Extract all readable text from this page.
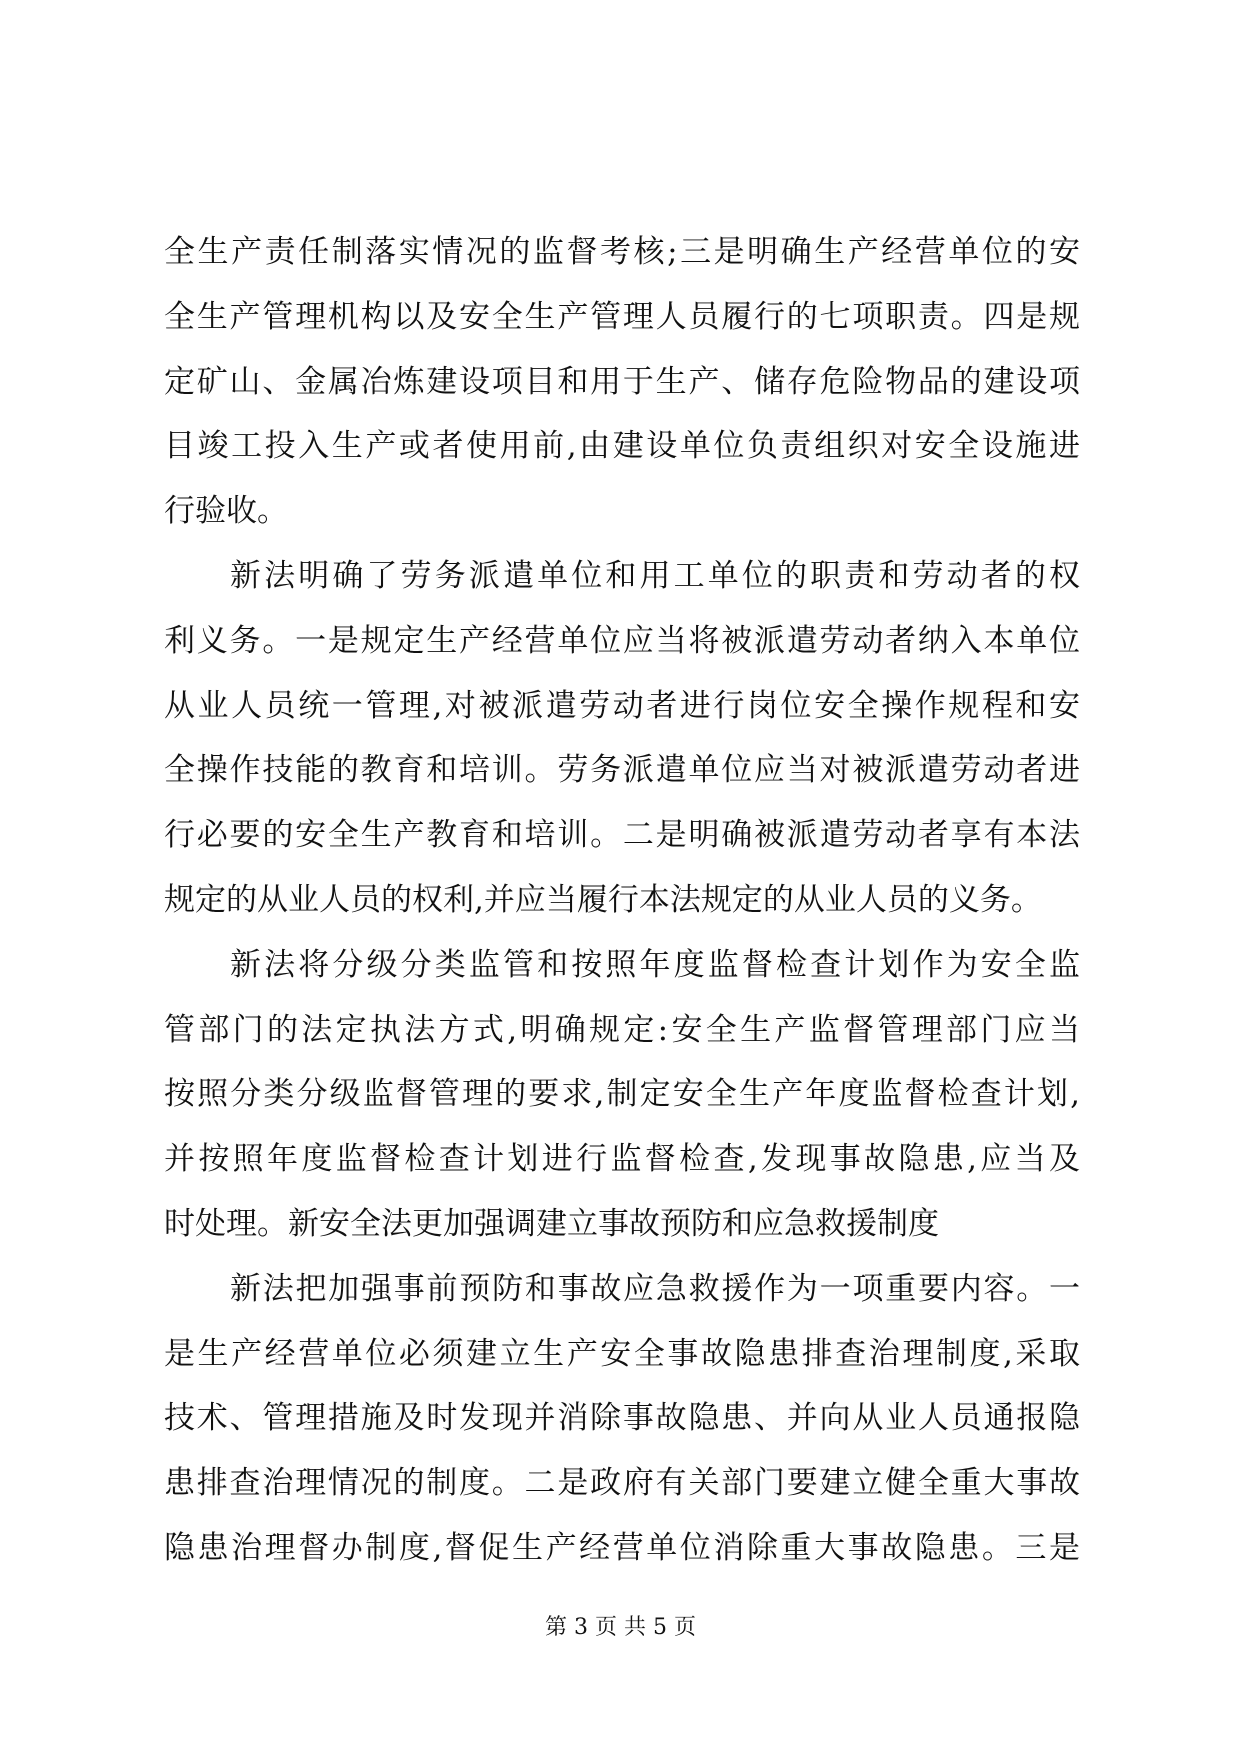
全生产责任制落实情况的监督考核;三是明确生产经营单位的安
全生产管理机构以及安全生产管理人员履行的七项职责。四是规
定矿山、金属冶炼建设项目和用于生产、储存危险物品的建设项
目竣工投入生产或者使用前,由建设单位负责组织对安全设施进
行验收。
新法明确了劳务派遣单位和用工单位的职责和劳动者的权
利义务。一是规定生产经营单位应当将被派遣劳动者纳入本单位
从业人员统一管理,对被派遣劳动者进行岗位安全操作规程和安
全操作技能的教育和培训。劳务派遣单位应当对被派遣劳动者进
行必要的安全生产教育和培训。二是明确被派遣劳动者享有本法
规定的从业人员的权利,并应当履行本法规定的从业人员的义务。
新法将分级分类监管和按照年度监督检查计划作为安全监
管部门的法定执法方式,明确规定:安全生产监督管理部门应当
按照分类分级监督管理的要求,制定安全生产年度监督检查计划,
并按照年度监督检查计划进行监督检查,发现事故隐患,应当及
时处理。新安全法更加强调建立事故预防和应急救援制度
新法把加强事前预防和事故应急救援作为一项重要内容。一
是生产经营单位必须建立生产安全事故隐患排查治理制度,采取
技术、管理措施及时发现并消除事故隐患、并向从业人员通报隐
患排查治理情况的制度。二是政府有关部门要建立健全重大事故
隐患治理督办制度,督促生产经营单位消除重大事故隐患。三是
第 3 页 共 5 页
